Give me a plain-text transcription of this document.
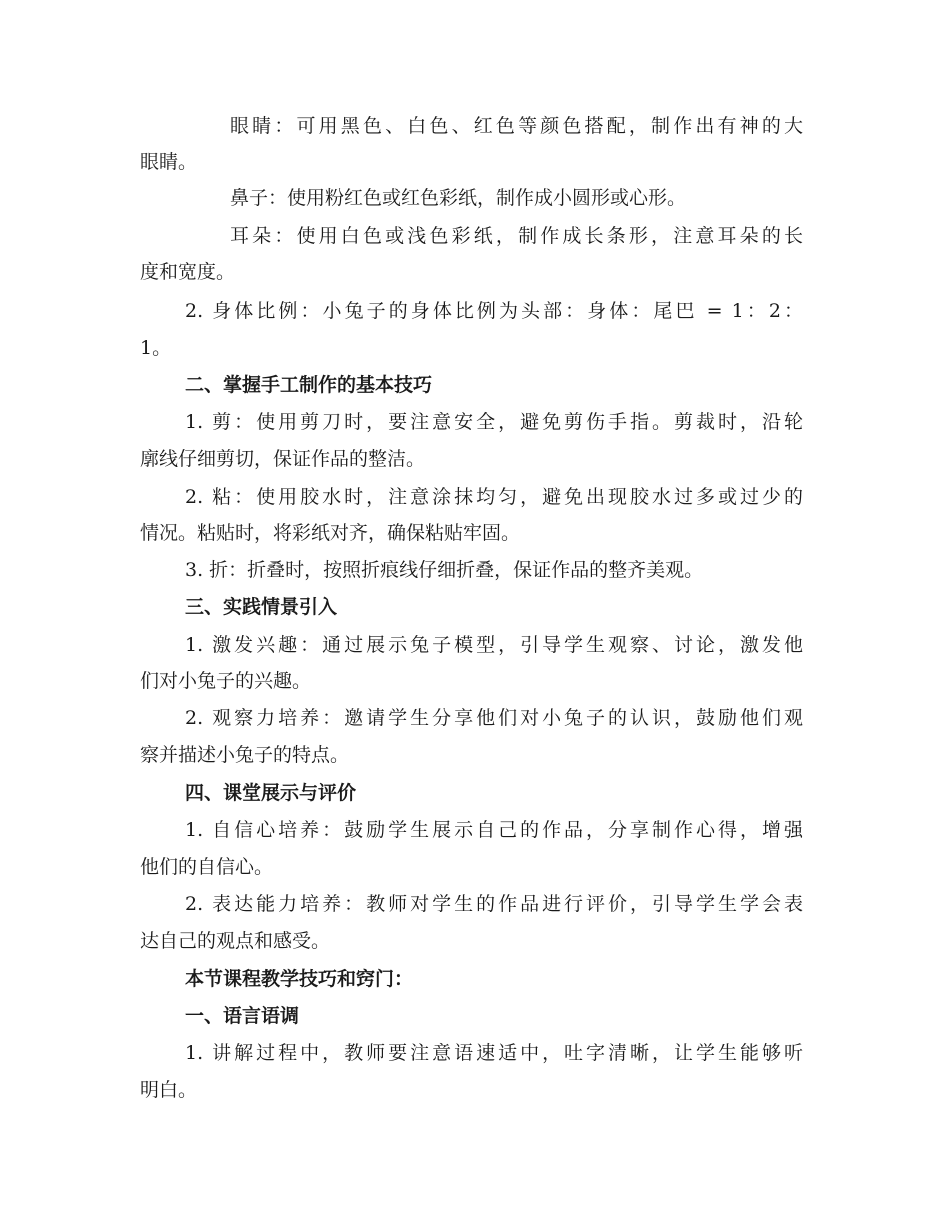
眼睛：可用黑色、白色、红色等颜色搭配，制作出有神的大
眼睛。
鼻子：使用粉红色或红色彩纸，制作成小圆形或心形。
耳朵：使用白色或浅色彩纸，制作成长条形，注意耳朵的长
度和宽度。
2. 身体比例：小兔子的身体比例为头部：身体：尾巴 = 1：2：
1。
二、掌握手工制作的基本技巧
1. 剪：使用剪刀时，要注意安全，避免剪伤手指。剪裁时，沿轮
廓线仔细剪切，保证作品的整洁。
2. 粘：使用胶水时，注意涂抹均匀，避免出现胶水过多或过少的
情况。粘贴时，将彩纸对齐，确保粘贴牢固。
3. 折：折叠时，按照折痕线仔细折叠，保证作品的整齐美观。
三、实践情景引入
1. 激发兴趣：通过展示兔子模型，引导学生观察、讨论，激发他
们对小兔子的兴趣。
2. 观察力培养：邀请学生分享他们对小兔子的认识，鼓励他们观
察并描述小兔子的特点。
四、课堂展示与评价
1. 自信心培养：鼓励学生展示自己的作品，分享制作心得，增强
他们的自信心。
2. 表达能力培养：教师对学生的作品进行评价，引导学生学会表
达自己的观点和感受。
本节课程教学技巧和窍门：
一、语言语调
1. 讲解过程中，教师要注意语速适中，吐字清晰，让学生能够听
明白。
